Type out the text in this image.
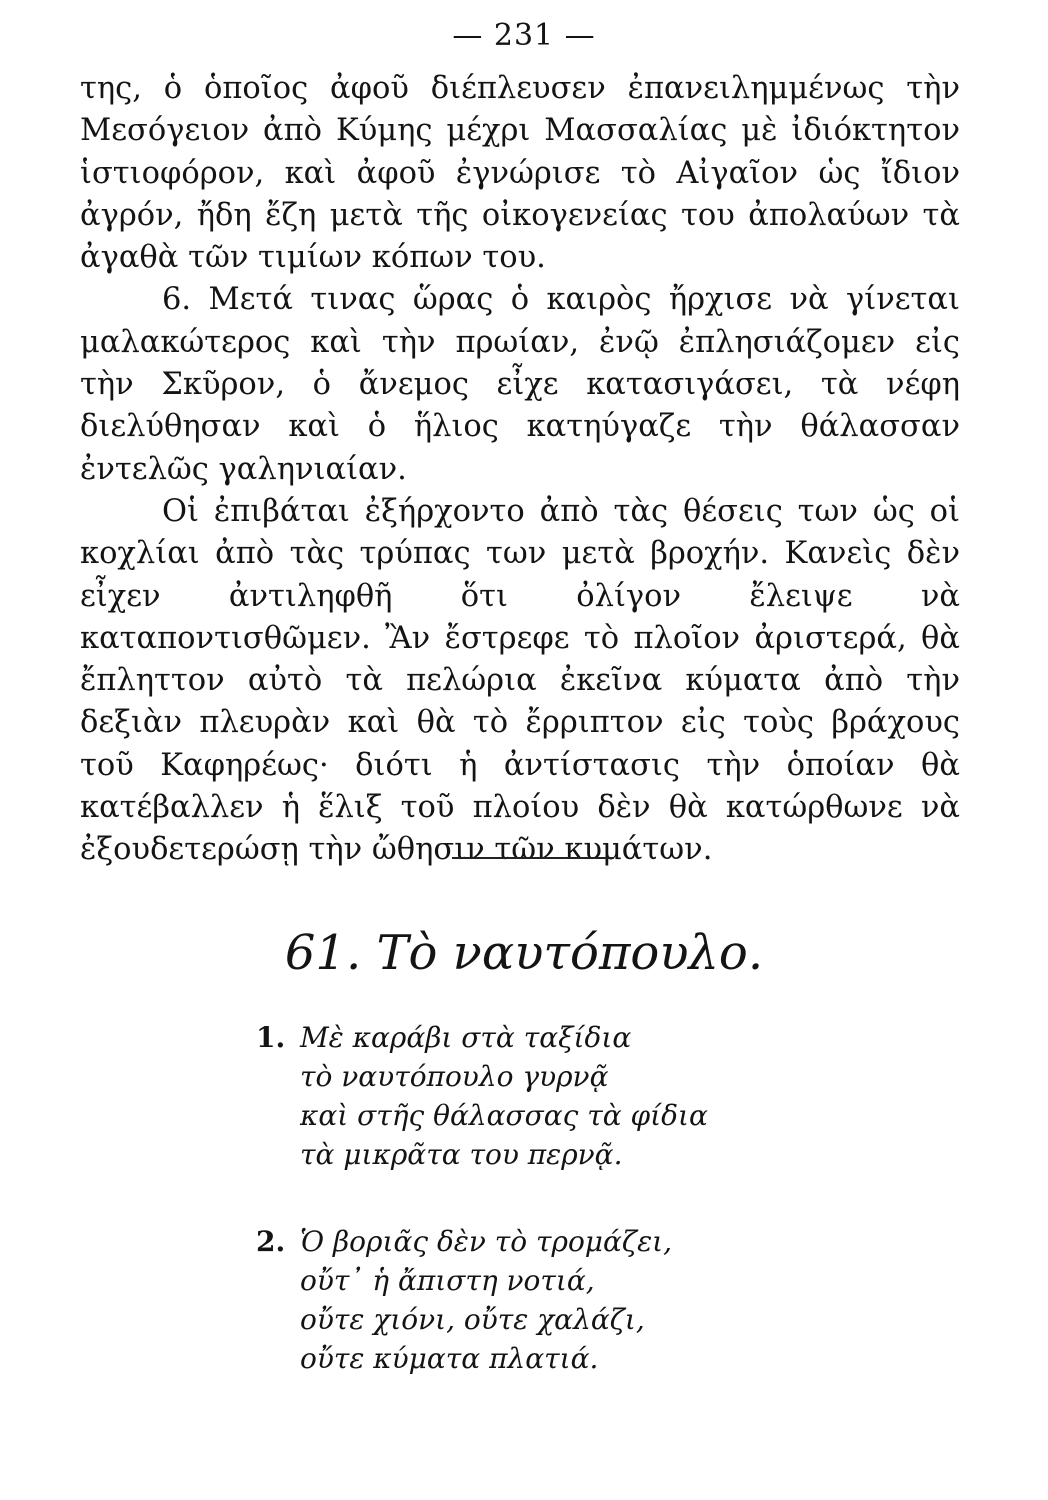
— 231 —

της, ὁ ὁποῖος ἀφοῦ διέπλευσεν ἐπανειλημμένως τὴν Μεσόγειον ἀπὸ Κύμης μέχρι Μασσαλίας μὲ ἰδιόκτητον ἱστιοφόρον, καὶ ἀφοῦ ἐγνώρισε τὸ Αἰγαῖον ὡς ἴδιον ἀγρόν, ἤδη ἔζη μετὰ τῆς οἰκογενείας του ἀπολαύων τὰ ἀγαθὰ τῶν τιμίων κόπων του.

6. Μετά τινας ὥρας ὁ καιρὸς ἤρχισε νὰ γίνεται μαλακώτερος καὶ τὴν πρωίαν, ἐνῷ ἐπλησιάζομεν εἰς τὴν Σκῦρον, ὁ ἄνεμος εἶχε κατασιγάσει, τὰ νέφη διελύθησαν καὶ ὁ ἥλιος κατηύγαζε τὴν θάλασσαν ἐντελῶς γαληνιαίαν.

Οἱ ἐπιβάται ἐξήρχοντο ἀπὸ τὰς θέσεις των ὡς οἱ κοχλίαι ἀπὸ τὰς τρύπας των μετὰ βροχήν. Κανεὶς δὲν εἶχεν ἀντιληφθῆ ὅτι ὀλίγον ἔλειψε νὰ καταποντισθῶμεν. Ἂν ἔστρεφε τὸ πλοῖον ἀριστερά, θὰ ἔπληττον αὐτὸ τὰ πελώρια ἐκεῖνα κύματα ἀπὸ τὴν δεξιὰν πλευρὰν καὶ θὰ τὸ ἔρριπτον εἰς τοὺς βράχους τοῦ Καφηρέως· διότι ἡ ἀντίστασις τὴν ὁποίαν θὰ κατέβαλλεν ἡ ἕλιξ τοῦ πλοίου δὲν θὰ κατώρθωνε νὰ ἐξουδετερώσῃ τὴν ὤθησιν τῶν κυμάτων.

61. Τὸ ναυτόπουλο.
1. Μὲ καράβι στὰ ταξίδια
τὸ ναυτόπουλο γυρνᾷ
καὶ στῆς θάλασσας τὰ φίδια
τὰ μικρᾶτα του περνᾷ.
2. Ὁ βοριᾶς δὲν τὸ τρομάζει,
οὔτ᾽ ἡ ἄπιστη νοτιά,
οὔτε χιόνι, οὔτε χαλάζι,
οὔτε κύματα πλατιά.
